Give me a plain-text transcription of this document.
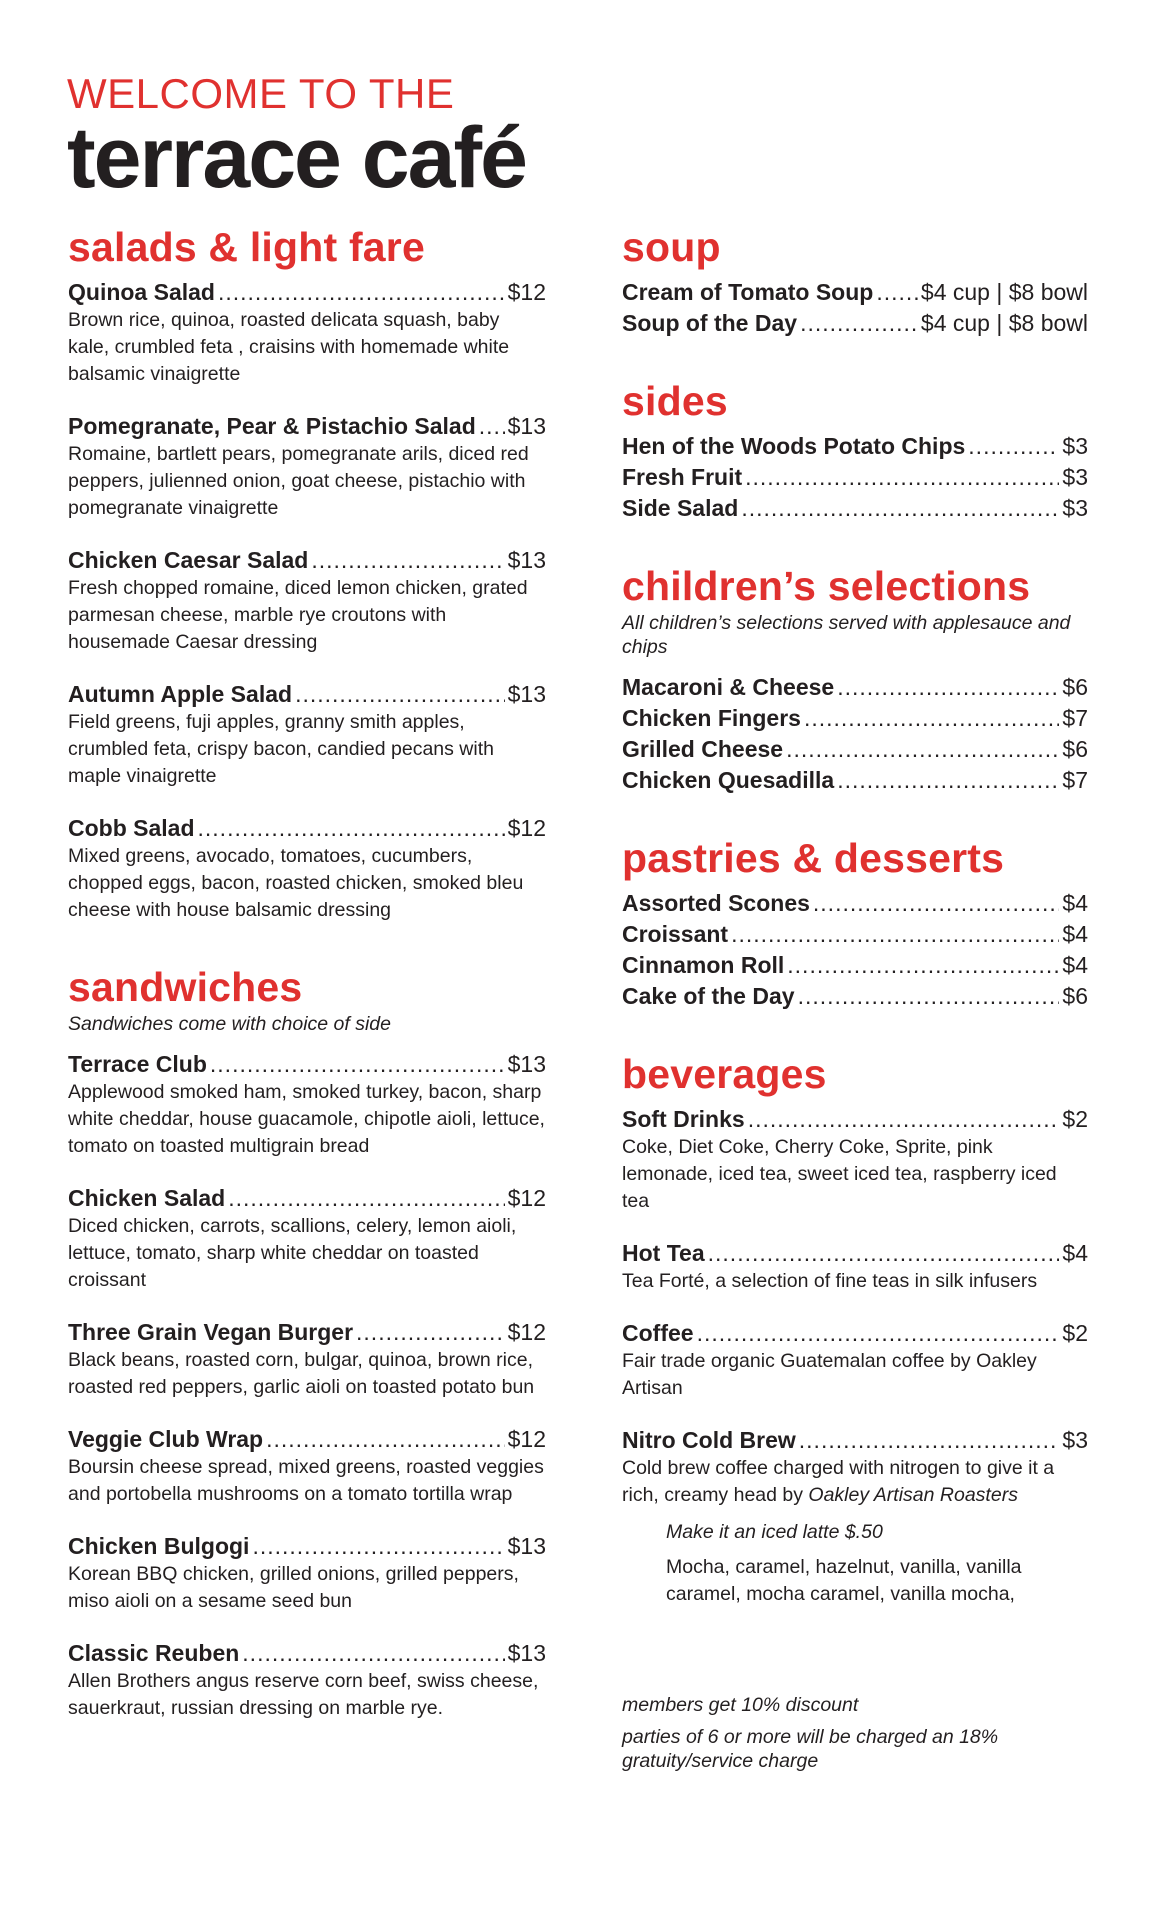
WELCOME TO THE
terrace café
salads & light fare
Quinoa Salad .....	$12
Brown rice, quinoa, roasted delicata squash, baby kale, crumbled feta , craisins with homemade white balsamic vinaigrette
Pomegranate, Pear & Pistachio Salad ..... $13
Romaine, bartlett pears, pomegranate arils, diced red peppers, julienned onion, goat cheese, pistachio with pomegranate vinaigrette
Chicken Caesar Salad .....	$13
Fresh chopped romaine, diced lemon chicken, grated parmesan cheese, marble rye croutons with housemade Caesar dressing
Autumn Apple Salad .....	$13
Field greens, fuji apples, granny smith apples, crumbled feta, crispy bacon, candied pecans with maple vinaigrette
Cobb Salad .....	$12
Mixed greens, avocado, tomatoes, cucumbers, chopped eggs, bacon, roasted chicken, smoked bleu cheese with house balsamic dressing
sandwiches
Sandwiches come with choice of side
Terrace Club .....	$13
Applewood smoked ham, smoked turkey, bacon, sharp white cheddar, house guacamole, chipotle aioli, lettuce, tomato on toasted multigrain bread
Chicken Salad .....	$12
Diced chicken, carrots, scallions, celery, lemon aioli, lettuce, tomato, sharp white cheddar on toasted croissant
Three Grain Vegan Burger .....	$12
Black beans, roasted corn, bulgar, quinoa, brown rice, roasted red peppers, garlic aioli on toasted potato bun
Veggie Club Wrap .....	$12
Boursin cheese spread, mixed greens, roasted veggies and portobella mushrooms on a tomato tortilla wrap
Chicken Bulgogi .....	$13
Korean BBQ chicken, grilled onions, grilled peppers, miso aioli on a sesame seed bun
Classic Reuben .....	$13
Allen Brothers angus reserve corn beef, swiss cheese, sauerkraut, russian dressing on marble rye.
soup
Cream of Tomato Soup ..... $4 cup | $8 bowl
Soup of the Day .....	$4 cup | $8 bowl
sides
Hen of the Woods Potato Chips .....	$3
Fresh Fruit .....	$3
Side Salad .....	$3
children’s selections
All children’s selections served with applesauce and chips
Macaroni & Cheese .....	$6
Chicken Fingers .....	$7
Grilled Cheese .....	$6
Chicken Quesadilla .....	$7
pastries & desserts
Assorted Scones .....	$4
Croissant .....	$4
Cinnamon Roll .....	$4
Cake of the Day .....	$6
beverages
Soft Drinks .....	$2
Coke, Diet Coke, Cherry Coke, Sprite, pink lemonade, iced tea, sweet iced tea, raspberry iced tea
Hot Tea .....	$4
Tea Forté, a selection of fine teas in silk infusers
Coffee .....	$2
Fair trade organic Guatemalan coffee by Oakley Artisan
Nitro Cold Brew .....	$3
Cold brew coffee charged with nitrogen to give it a rich, creamy head by Oakley Artisan Roasters
Make it an iced latte $.50
Mocha, caramel, hazelnut, vanilla, vanilla caramel, mocha caramel, vanilla mocha,

members get 10% discount

parties of 6 or more will be charged an 18% gratuity/service charge
